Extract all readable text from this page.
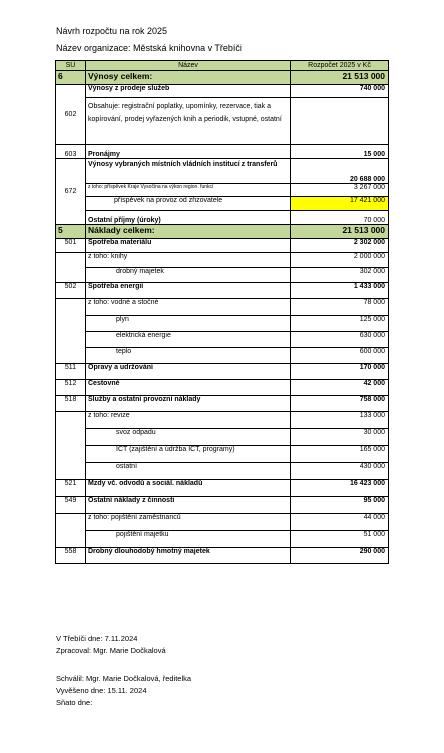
Návrh rozpočtu na rok 2025
Název organizace: Městská knihovna v Třebíči
SU	Název	Rozpočet 2025 v Kč
6	Výnosy celkem:	21 513 000
602	Výnosy z prodeje služeb	740 000
	Obsahuje: registrační poplatky, upomínky, rezervace, tiak a kopírování, prodej vyřazených knih a periodik, vstupné, ostatní	
603	Pronájmy	15 000
672	Výnosy vybraných místních vládních institucí z transferů	20 688 000
	z toho: příspěvek Kraje Vysočina na výkon region. funkcí	3 267 000
	příspěvek na provoz od zřizovatele	17 421 000
	Ostatní příjmy (úroky)	70 000
5	Náklady celkem:	21 513 000
501	Spotřeba materiálu	2 302 000
	z toho: knihy	2 000 000
	drobný majetek	302 000
502	Spotřeba energií	1 433 000
	z toho: vodné a stočné	78 000
	plyn	125 000
	elektrická energie	630 000
	teplo	600 000
511	Opravy a udržování	170 000
512	Cestovné	42 000
518	Služby a ostatní provozní náklady	758 000
	z toho: revize	133 000
	svoz odpadu	30 000
	ICT (zajištění a údržba ICT, programy)	165 000
	ostatní	430 000
521	Mzdy vč. odvodů a sociál. nákladů	16 423 000
549	Ostatní náklady z činnosti	95 000
	z toho: pojištění zaměstnanců	44 000
	pojištění majetku	51 000
558	Drobný dlouhodobý hmotný majetek	290 000
V Třebíči dne: 7.11.2024
Zpracoval: Mgr. Marie Dočkalová
Schválil: Mgr. Marie Dočkalová, ředitelka
Vyvěšeno dne: 15.11. 2024
Sňato dne:
